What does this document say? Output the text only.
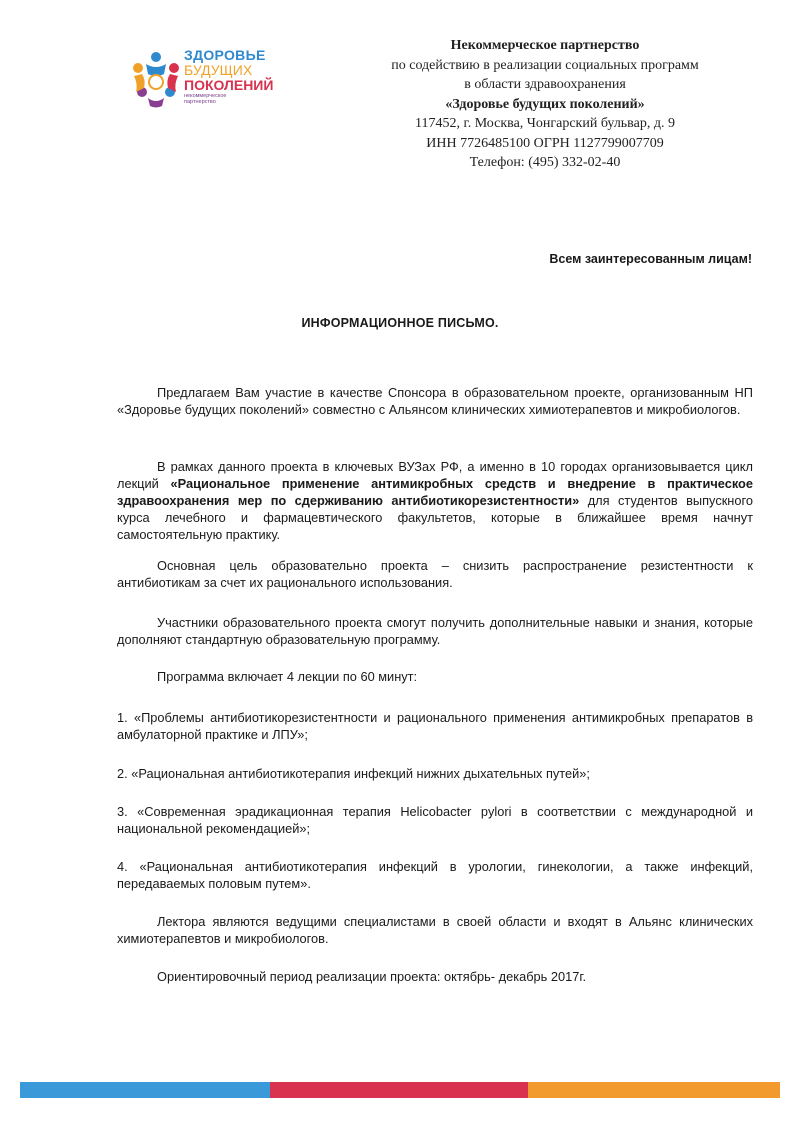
ЗДОРОВЬЕ
БУДУЩИХ
ПОКОЛЕНИЙ
некоммерческое партнерство
Некоммерческое партнерство
по содействию в реализации социальных программ
в области здравоохранения
«Здоровье будущих поколений»
117452, г. Москва, Чонгарский бульвар, д. 9
ИНН 7726485100 ОГРН 1127799007709
Телефон: (495) 332-02-40
Всем заинтересованным лицам!
ИНФОРМАЦИОННОЕ ПИСЬМО.
Предлагаем Вам участие в качестве Спонсора в образовательном проекте, организованным НП «Здоровье будущих поколений» совместно с Альянсом клинических химиотерапевтов и микробиологов.
В рамках данного проекта в ключевых ВУЗах РФ, а именно в 10 городах организовывается цикл лекций «Рациональное применение антимикробных средств и внедрение в практическое здравоохранения мер по сдерживанию антибиотикорезистентности» для студентов выпускного курса лечебного и фармацевтического факультетов, которые в ближайшее время начнут самостоятельную практику.
Основная цель образовательно проекта – снизить распространение резистентности к антибиотикам за счет их рационального использования.
Участники образовательного проекта смогут получить дополнительные навыки и знания, которые дополняют стандартную образовательную программу.
Программа включает 4 лекции по 60 минут:
1. «Проблемы антибиотикорезистентности и рационального применения антимикробных препаратов в амбулаторной практике и ЛПУ»;
2. «Рациональная антибиотикотерапия инфекций нижних дыхательных путей»;
3. «Современная эрадикационная терапия Helicobacter pylori в соответствии с международной и национальной рекомендацией»;
4. «Рациональная антибиотикотерапия инфекций в урологии, гинекологии, а также инфекций, передаваемых половым путем».
Лектора являются ведущими специалистами в своей области и входят в Альянс клинических химиотерапевтов и микробиологов.
Ориентировочный период реализации проекта: октябрь- декабрь 2017г.
